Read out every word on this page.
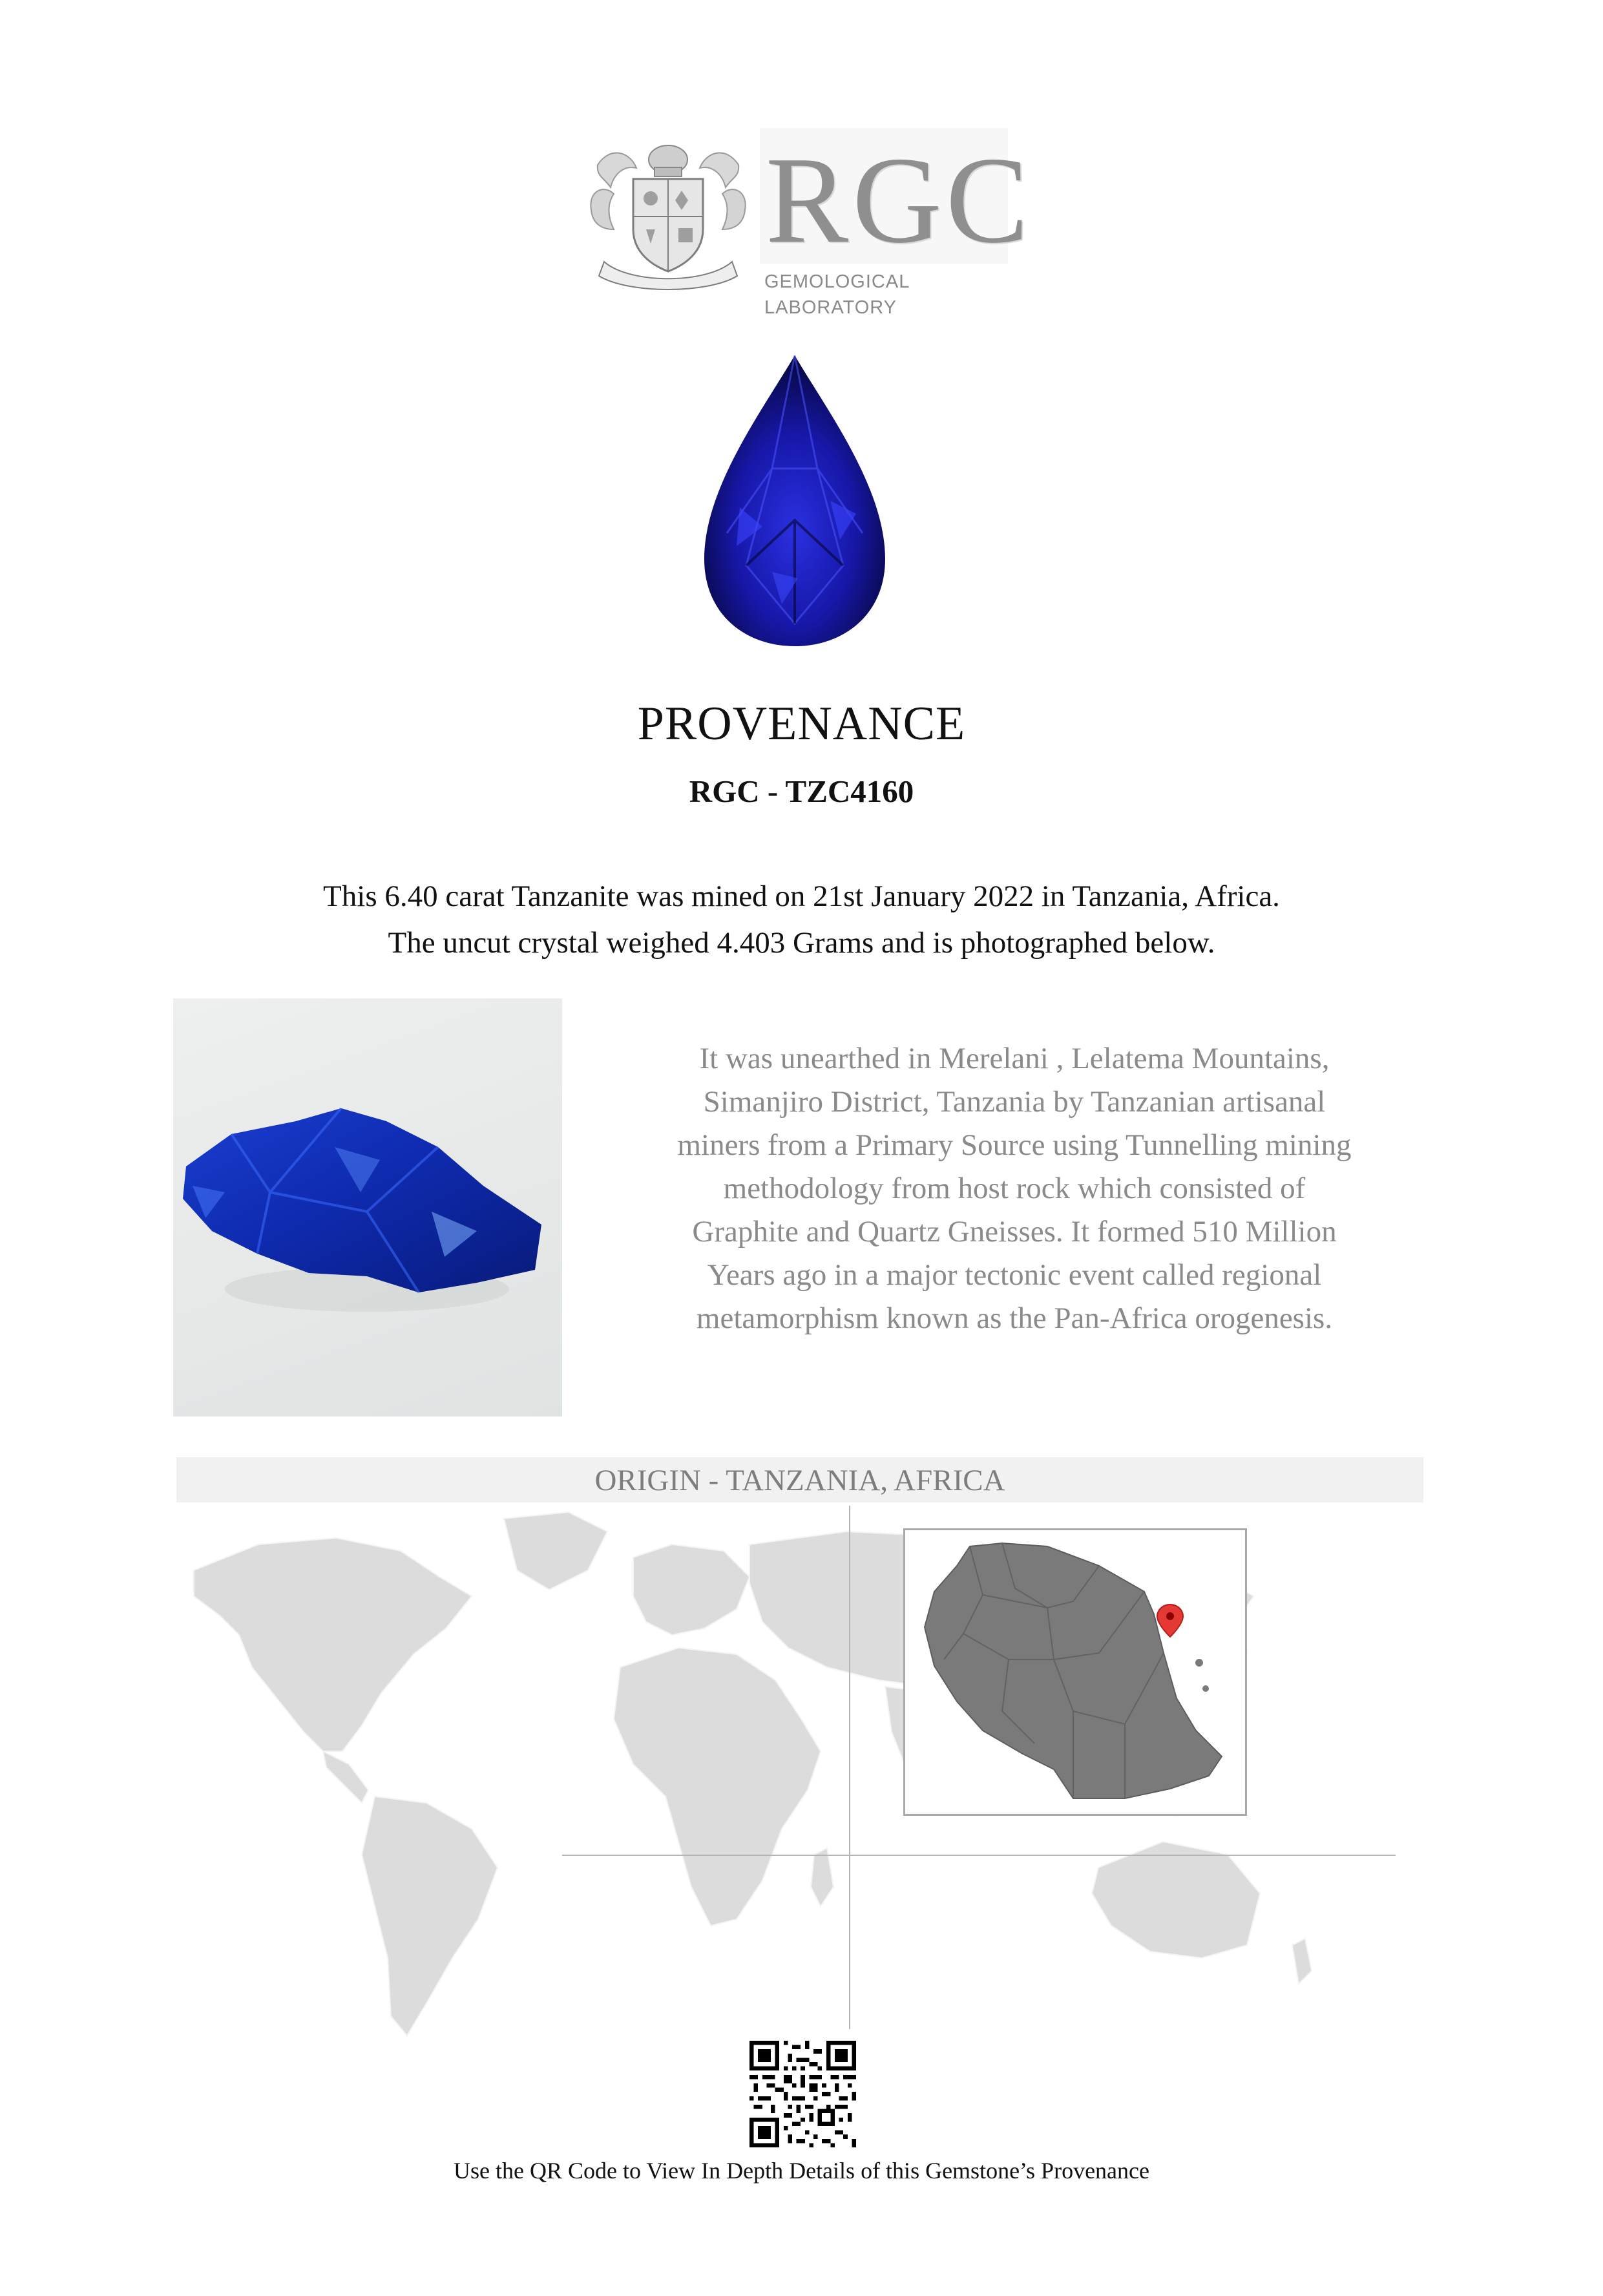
RGC
GEMOLOGICAL LABORATORY
PROVENANCE
RGC - TZC4160
This 6.40 carat Tanzanite was mined on 21st January 2022 in Tanzania, Africa.
The uncut crystal weighed 4.403 Grams and is photographed below.
It was unearthed in Merelani , Lelatema Mountains,
Simanjiro District, Tanzania by Tanzanian artisanal
miners from a Primary Source using Tunnelling mining
methodology from host rock which consisted of
Graphite and Quartz Gneisses. It formed 510 Million
Years ago in a major tectonic event called regional
metamorphism known as the Pan-Africa orogenesis.
ORIGIN - TANZANIA, AFRICA
Use the QR Code to View In Depth Details of this Gemstone’s Provenance
